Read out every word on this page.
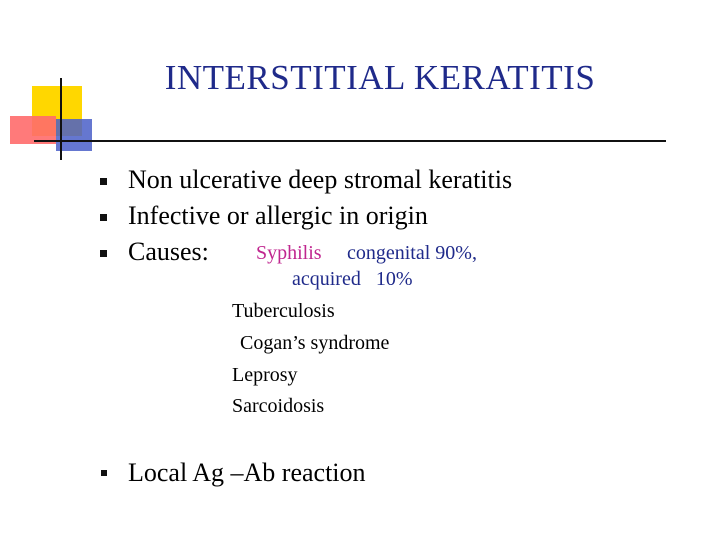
INTERSTITIAL KERATITIS
Non ulcerative deep stromal keratitis
Infective or allergic in origin
Causes: Syphilis congenital 90%,
acquired   10%
Tuberculosis
Cogan’s syndrome
Leprosy
Sarcoidosis
Local Ag –Ab reaction
